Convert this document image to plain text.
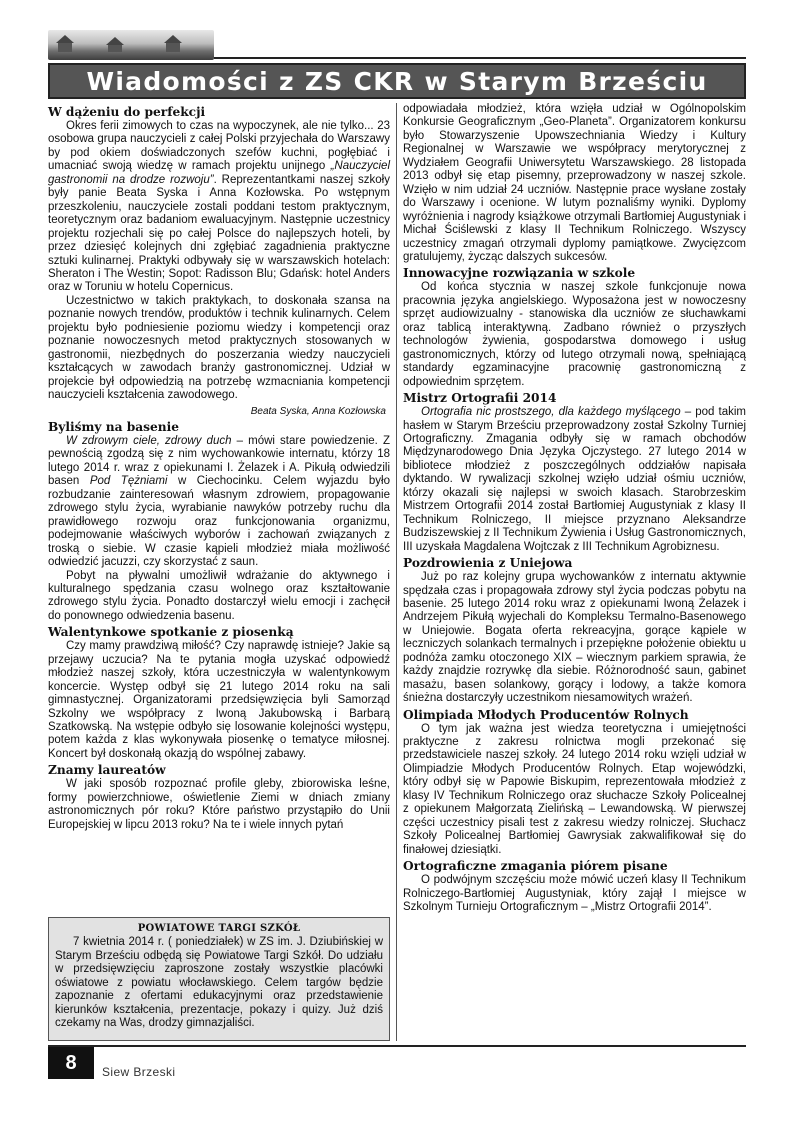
Wiadomości z ZS CKR w Starym Brześciu
W dążeniu do perfekcji

Okres ferii zimowych to czas na wypoczynek, ale nie tylko... 23 osobowa grupa nauczycieli z całej Polski przyjechała do Warszawy by pod okiem doświadczonych szefów kuchni, pogłębiać i umacniać swoją wiedzę w ramach projektu unijnego „Nauczyciel gastronomii na drodze rozwoju”. Reprezentantkami naszej szkoły były panie Beata Syska i Anna Kozłowska. Po wstępnym przeszkoleniu, nauczyciele zostali poddani testom praktycznym, teoretycznym oraz badaniom ewaluacyjnym. Następnie uczestnicy projektu rozjechali się po całej Polsce do najlepszych hoteli, by przez dziesięć kolejnych dni zgłębiać zagadnienia praktyczne sztuki kulinarnej. Praktyki odbywały się w warszawskich hotelach: Sheraton i The Westin; Sopot: Radisson Blu; Gdańsk: hotel Anders oraz w Toruniu w hotelu Copernicus.

Uczestnictwo w takich praktykach, to doskonała szansa na poznanie nowych trendów, produktów i technik kulinarnych. Celem projektu było podniesienie poziomu wiedzy i kompetencji oraz poznanie nowoczesnych metod praktycznych stosowanych w gastronomii, niezbędnych do poszerzania wiedzy nauczycieli kształcących w zawodach branży gastronomicznej. Udział w projekcie był odpowiedzią na potrzebę wzmacniania kompetencji nauczycieli kształcenia zawodowego.

Beata Syska, Anna Kozłowska
Byliśmy na basenie

W zdrowym ciele, zdrowy duch – mówi stare powiedzenie. Z pewnością zgodzą się z nim wychowankowie internatu, którzy 18 lutego 2014 r. wraz z opiekunami I. Żelazek i A. Pikułą odwiedzili basen Pod Tężniami w Ciechocinku. Celem wyjazdu było rozbudzanie zainteresowań własnym zdrowiem, propagowanie zdrowego stylu życia, wyrabianie nawyków potrzeby ruchu dla prawidłowego rozwoju oraz funkcjonowania organizmu, podejmowanie właściwych wyborów i zachowań związanych z troską o siebie. W czasie kąpieli młodzież miała możliwość odwiedzić jacuzzi, czy skorzystać z saun.

Pobyt na pływalni umożliwił wdrażanie do aktywnego i kulturalnego spędzania czasu wolnego oraz kształtowanie zdrowego stylu życia. Ponadto dostarczył wielu emocji i zachęcił do ponownego odwiedzenia basenu.

Walentynkowe spotkanie z piosenką

Czy mamy prawdziwą miłość? Czy naprawdę istnieje? Jakie są przejawy uczucia? Na te pytania mogła uzyskać odpowiedź młodzież naszej szkoły, która uczestniczyła w walentynkowym koncercie. Występ odbył się 21 lutego 2014 roku na sali gimnastycznej. Organizatorami przedsięwzięcia byli Samorząd Szkolny we współpracy z Iwoną Jakubowską i Barbarą Szatkowską. Na wstępie odbyło się losowanie kolejności występu, potem każda z klas wykonywała piosenkę o tematyce miłosnej. Koncert był doskonałą okazją do wspólnej zabawy.

Znamy laureatów

W jaki sposób rozpoznać profile gleby, zbiorowiska leśne, formy powierzchniowe, oświetlenie Ziemi w dniach zmiany astronomicznych pór roku? Które państwo przystąpiło do Unii Europejskiej w lipcu 2013 roku? Na te i wiele innych pytań

POWIATOWE TARGI SZKÓŁ

7 kwietnia 2014 r. ( poniedziałek) w ZS im. J. Dziubińskiej w Starym Brześciu odbędą się Powiatowe Targi Szkół. Do udziału w przedsięwzięciu zaproszone zostały wszystkie placówki oświatowe z powiatu włocławskiego. Celem targów będzie zapoznanie z ofertami edukacyjnymi oraz przedstawienie kierunków kształcenia, prezentacje, pokazy i quizy. Już dziś czekamy na Was, drodzy gimnazjaliści.

odpowiadała młodzież, która wzięła udział w Ogólnopolskim Konkursie Geograficznym „Geo-Planeta”. Organizatorem konkursu było Stowarzyszenie Upowszechniania Wiedzy i Kultury Regionalnej w Warszawie we współpracy merytorycznej z Wydziałem Geografii Uniwersytetu Warszawskiego. 28 listopada 2013 odbył się etap pisemny, przeprowadzony w naszej szkole. Wzięło w nim udział 24 uczniów. Następnie prace wysłane zostały do Warszawy i ocenione. W lutym poznaliśmy wyniki. Dyplomy wyróżnienia i nagrody książkowe otrzymali Bartłomiej Augustyniak i Michał Ściślewski z klasy II Technikum Rolniczego. Wszyscy uczestnicy zmagań otrzymali dyplomy pamiątkowe. Zwycięzcom gratulujemy, życząc dalszych sukcesów.

Innowacyjne rozwiązania w szkole

Od końca stycznia w naszej szkole funkcjonuje nowa pracownia języka angielskiego. Wyposażona jest w nowoczesny sprzęt audiowizualny - stanowiska dla uczniów ze słuchawkami oraz tablicą interaktywną. Zadbano również o przyszłych technologów żywienia, gospodarstwa domowego i usług gastronomicznych, którzy od lutego otrzymali nową, spełniającą standardy egzaminacyjne pracownię gastronomiczną z odpowiednim sprzętem.

Mistrz Ortografii 2014

Ortografia nic prostszego, dla każdego myślącego – pod takim hasłem w Starym Brześciu przeprowadzony został Szkolny Turniej Ortograficzny. Zmagania odbyły się w ramach obchodów Międzynarodowego Dnia Języka Ojczystego. 27 lutego 2014 w bibliotece młodzież z poszczególnych oddziałów napisała dyktando. W rywalizacji szkolnej wzięło udział ośmiu uczniów, którzy okazali się najlepsi w swoich klasach. Starobrzeskim Mistrzem Ortografii 2014 został Bartłomiej Augustyniak z klasy II Technikum Rolniczego, II miejsce przyznano Aleksandrze Budziszewskiej z II Technikum Żywienia i Usług Gastronomicznych, III uzyskała Magdalena Wojtczak z III Technikum Agrobiznesu.

Pozdrowienia z Uniejowa

Już po raz kolejny grupa wychowanków z internatu aktywnie spędzała czas i propagowała zdrowy styl życia podczas pobytu na basenie. 25 lutego 2014 roku wraz z opiekunami Iwoną Żelazek i Andrzejem Pikułą wyjechali do Kompleksu Termalno-Basenowego w Uniejowie. Bogata oferta rekreacyjna, gorące kąpiele w leczniczych solankach termalnych i przepiękne położenie obiektu u podnóża zamku otoczonego XIX – wiecznym parkiem sprawia, że każdy znajdzie rozrywkę dla siebie. Różnorodność saun, gabinet masażu, basen solankowy, gorący i lodowy, a także komora śnieżna dostarczyły uczestnikom niesamowitych wrażeń.

Olimpiada Młodych Producentów Rolnych

O tym jak ważna jest wiedza teoretyczna i umiejętności praktyczne z zakresu rolnictwa mogli przekonać się przedstawiciele naszej szkoły. 24 lutego 2014 roku wzięli udział w Olimpiadzie Młodych Producentów Rolnych. Etap wojewódzki, który odbył się w Papowie Biskupim, reprezentowała młodzież z klasy IV Technikum Rolniczego oraz słuchacze Szkoły Policealnej z opiekunem Małgorzatą Zielińską – Lewandowską. W pierwszej części uczestnicy pisali test z zakresu wiedzy rolniczej. Słuchacz Szkoły Policealnej Bartłomiej Gawrysiak zakwalifikował się do finałowej dziesiątki.

Ortograficzne zmagania piórem pisane

O podwójnym szczęściu może mówić uczeń klasy II Technikum Rolniczego-Bartłomiej Augustyniak, który zajął I miejsce w Szkolnym Turnieju Ortograficznym – „Mistrz Ortografii 2014”.

8	Siew Brzeski
